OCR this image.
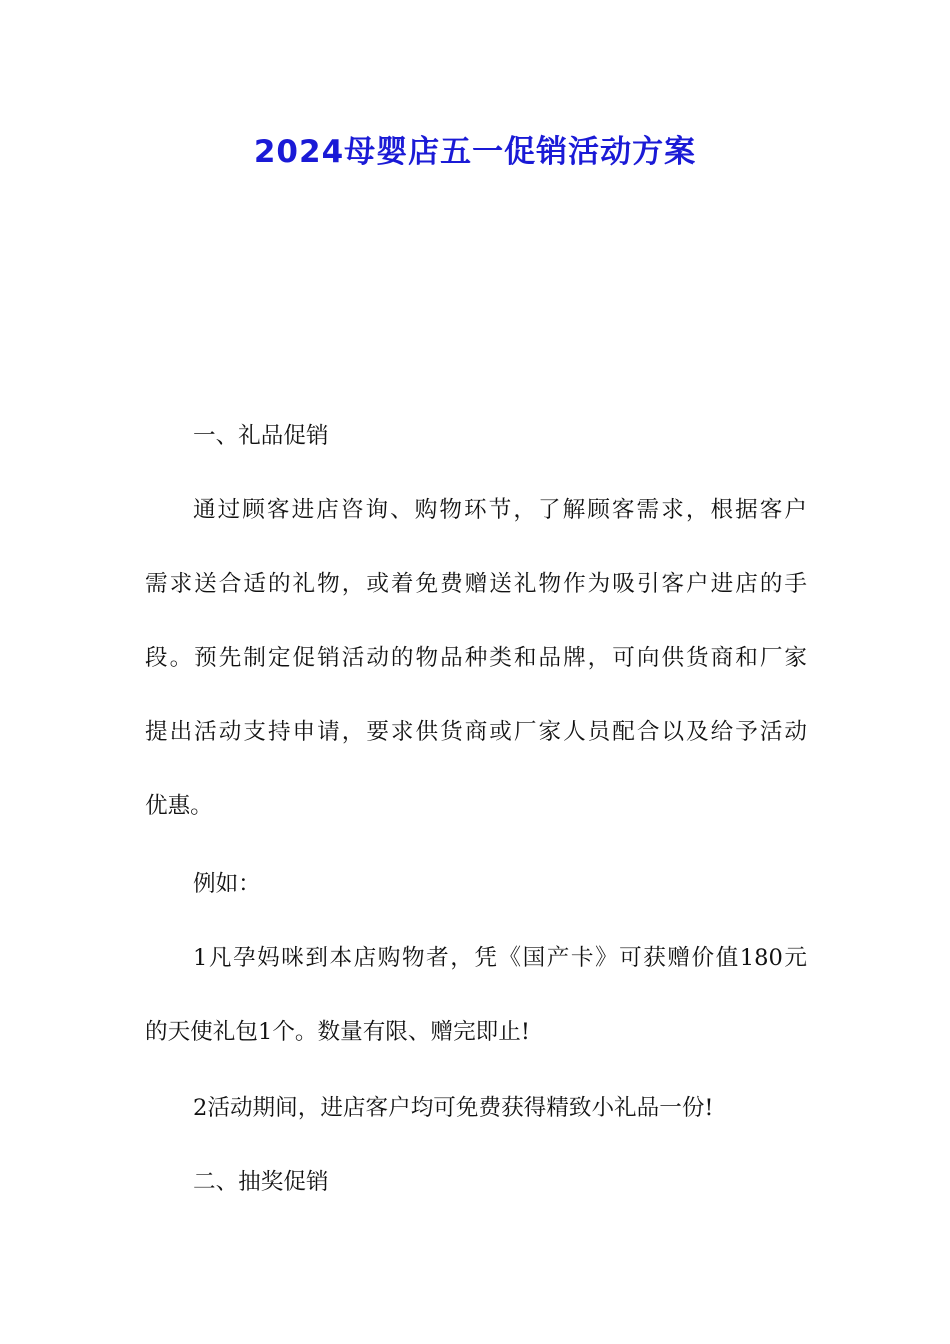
2024母婴店五一促销活动方案
一、礼品促销
通过顾客进店咨询、购物环节，了解顾客需求，根据客户
需求送合适的礼物，或着免费赠送礼物作为吸引客户进店的手
段。预先制定促销活动的物品种类和品牌，可向供货商和厂家
提出活动支持申请，要求供货商或厂家人员配合以及给予活动
优惠。
例如：
1凡孕妈咪到本店购物者，凭《国产卡》可获赠价值180元
的天使礼包1个。数量有限、赠完即止!
2活动期间，进店客户均可免费获得精致小礼品一份!
二、抽奖促销
